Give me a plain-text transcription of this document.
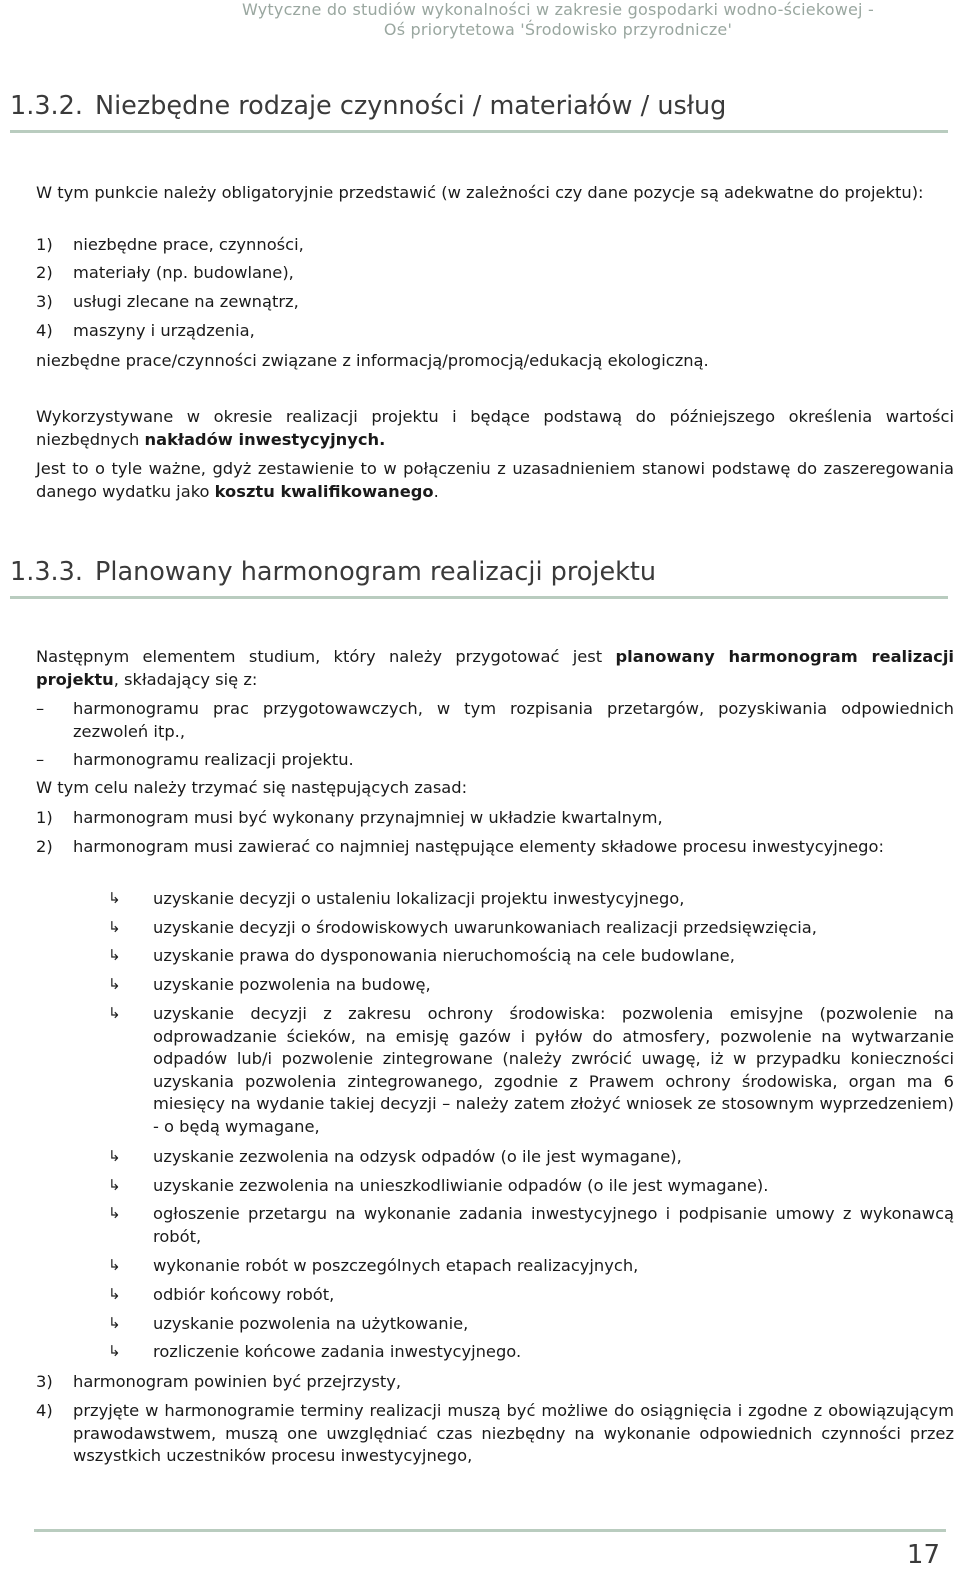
Wytyczne do studiów wykonalności w zakresie gospodarki wodno-ściekowej -
Oś priorytetowa 'Środowisko przyrodnicze'
1.3.2. Niezbędne rodzaje czynności / materiałów / usług

W tym punkcie należy obligatoryjnie przedstawić (w zależności czy dane pozycje są adekwatne do projektu):

1) niezbędne prace, czynności,
2) materiały (np. budowlane),
3) usługi zlecane na zewnątrz,
4) maszyny i urządzenia,

niezbędne prace/czynności związane z informacją/promocją/edukacją ekologiczną.

Wykorzystywane w okresie realizacji projektu i będące podstawą do późniejszego określenia wartości niezbędnych nakładów inwestycyjnych.

Jest to o tyle ważne, gdyż zestawienie to w połączeniu z uzasadnieniem stanowi podstawę do zaszeregowania danego wydatku jako kosztu kwalifikowanego.

1.3.3. Planowany harmonogram realizacji projektu

Następnym elementem studium, który należy przygotować jest planowany harmonogram realizacji projektu, składający się z:

– harmonogramu prac przygotowawczych, w tym rozpisania przetargów, pozyskiwania odpowiednich zezwoleń itp.,
– harmonogramu realizacji projektu.

W tym celu należy trzymać się następujących zasad:

1) harmonogram musi być wykonany przynajmniej w układzie kwartalnym,
2) harmonogram musi zawierać co najmniej następujące elementy składowe procesu inwestycyjnego:
↳ uzyskanie decyzji o ustaleniu lokalizacji projektu inwestycyjnego,
↳ uzyskanie decyzji o środowiskowych uwarunkowaniach realizacji przedsięwzięcia,
↳ uzyskanie prawa do dysponowania nieruchomością na cele budowlane,
↳ uzyskanie pozwolenia na budowę,
↳ uzyskanie decyzji z zakresu ochrony środowiska: pozwolenia emisyjne (pozwolenie na odprowadzanie ścieków, na emisję gazów i pyłów do atmosfery, pozwolenie na wytwarzanie odpadów lub/i pozwolenie zintegrowane (należy zwrócić uwagę, iż w przypadku konieczności uzyskania pozwolenia zintegrowanego, zgodnie z Prawem ochrony środowiska, organ ma 6 miesięcy na wydanie takiej decyzji – należy zatem złożyć wniosek ze stosownym wyprzedzeniem) - o będą wymagane,
↳ uzyskanie zezwolenia na odzysk odpadów (o ile jest wymagane),
↳ uzyskanie zezwolenia na unieszkodliwianie odpadów (o ile jest wymagane).
↳ ogłoszenie przetargu na wykonanie zadania inwestycyjnego i podpisanie umowy z wykonawcą robót,
↳ wykonanie robót w poszczególnych etapach realizacyjnych,
↳ odbiór końcowy robót,
↳ uzyskanie pozwolenia na użytkowanie,
↳ rozliczenie końcowe zadania inwestycyjnego.
3) harmonogram powinien być przejrzysty,
4) przyjęte w harmonogramie terminy realizacji muszą być możliwe do osiągnięcia i zgodne z obowiązującym prawodawstwem, muszą one uwzględniać czas niezbędny na wykonanie odpowiednich czynności przez wszystkich uczestników procesu inwestycyjnego,
17
